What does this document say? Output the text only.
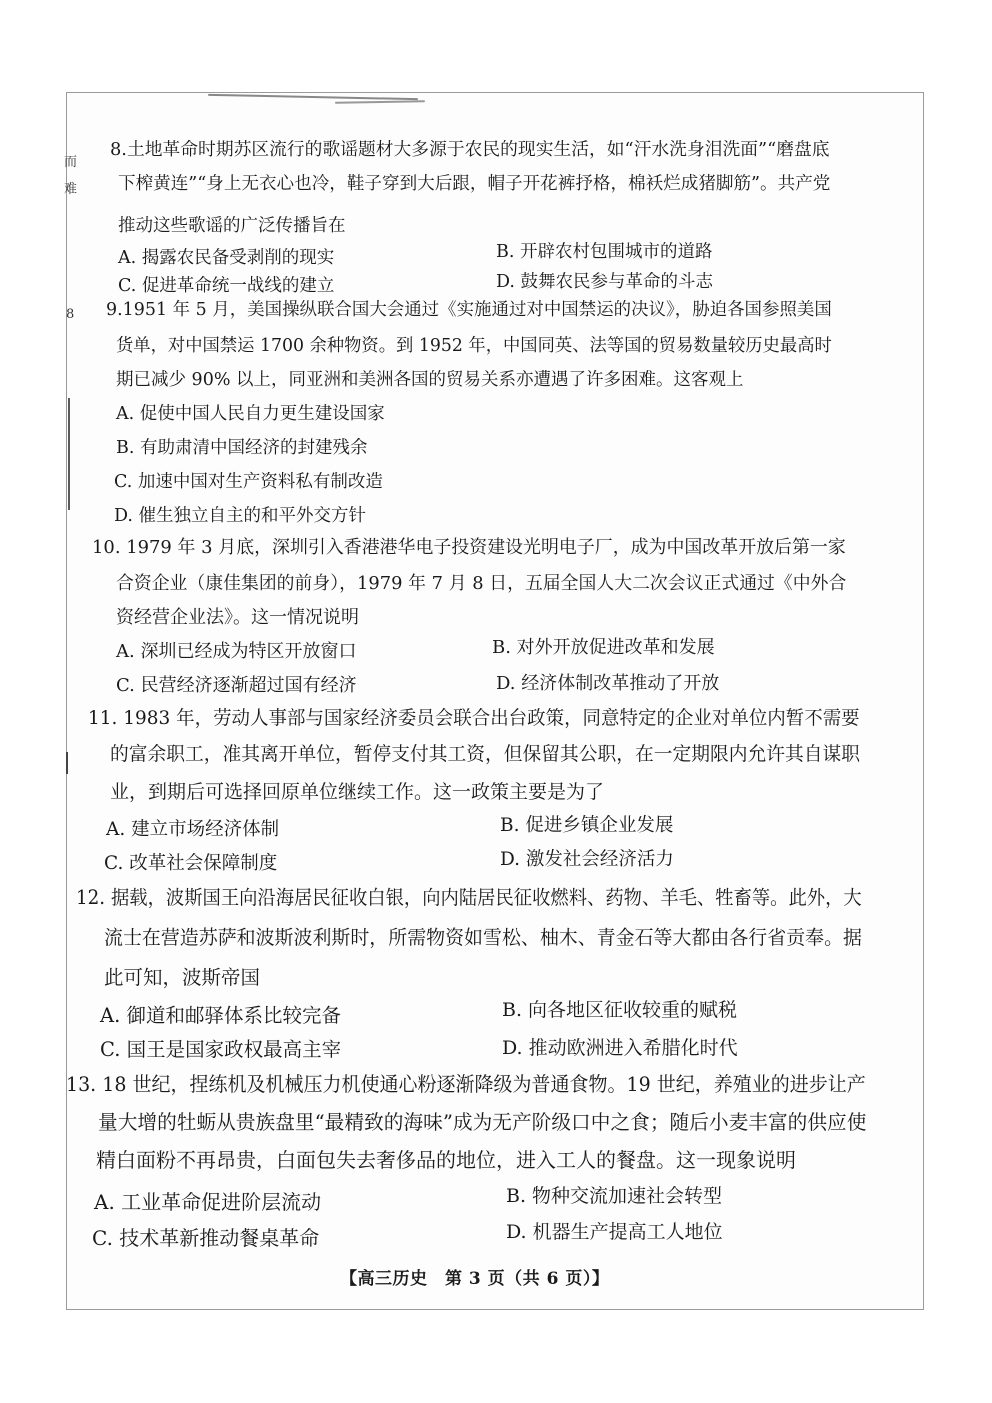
而
难
8
8.土地革命时期苏区流行的歌谣题材大多源于农民的现实生活，如“汗水洗身泪洗面”“磨盘底
下榨黄连”“身上无衣心也冷，鞋子穿到大后跟，帽子开花裤抒格，棉袄烂成猪脚筋”。共产党
推动这些歌谣的广泛传播旨在
A. 揭露农民备受剥削的现实	B. 开辟农村包围城市的道路
C. 促进革命统一战线的建立	D. 鼓舞农民参与革命的斗志
9.1951 年 5 月，美国操纵联合国大会通过《实施通过对中国禁运的决议》，胁迫各国参照美国
货单，对中国禁运 1700 余种物资。到 1952 年，中国同英、法等国的贸易数量较历史最高时
期已减少 90% 以上，同亚洲和美洲各国的贸易关系亦遭遇了许多困难。这客观上
A. 促使中国人民自力更生建设国家
B. 有助肃清中国经济的封建残余
C. 加速中国对生产资料私有制改造
D. 催生独立自主的和平外交方针
10. 1979 年 3 月底，深圳引入香港港华电子投资建设光明电子厂，成为中国改革开放后第一家
合资企业（康佳集团的前身），1979 年 7 月 8 日，五届全国人大二次会议正式通过《中外合
资经营企业法》。这一情况说明
A. 深圳已经成为特区开放窗口	B. 对外开放促进改革和发展
C. 民营经济逐渐超过国有经济	D. 经济体制改革推动了开放
11. 1983 年，劳动人事部与国家经济委员会联合出台政策，同意特定的企业对单位内暂不需要
的富余职工，准其离开单位，暂停支付其工资，但保留其公职，在一定期限内允许其自谋职
业，到期后可选择回原单位继续工作。这一政策主要是为了
A. 建立市场经济体制	B. 促进乡镇企业发展
C. 改革社会保障制度	D. 激发社会经济活力
12. 据载，波斯国王向沿海居民征收白银，向内陆居民征收燃料、药物、羊毛、牲畜等。此外，大
流士在营造苏萨和波斯波利斯时，所需物资如雪松、柚木、青金石等大都由各行省贡奉。据
此可知，波斯帝国
A. 御道和邮驿体系比较完备	B. 向各地区征收较重的赋税
C. 国王是国家政权最高主宰	D. 推动欧洲进入希腊化时代
13. 18 世纪，捏练机及机械压力机使通心粉逐渐降级为普通食物。19 世纪，养殖业的进步让产
量大增的牡蛎从贵族盘里“最精致的海味”成为无产阶级口中之食；随后小麦丰富的供应使
精白面粉不再昂贵，白面包失去奢侈品的地位，进入工人的餐盘。这一现象说明
A. 工业革命促进阶层流动	B. 物种交流加速社会转型
C. 技术革新推动餐桌革命	D. 机器生产提高工人地位
【高三历史　第 3 页（共 6 页）】
